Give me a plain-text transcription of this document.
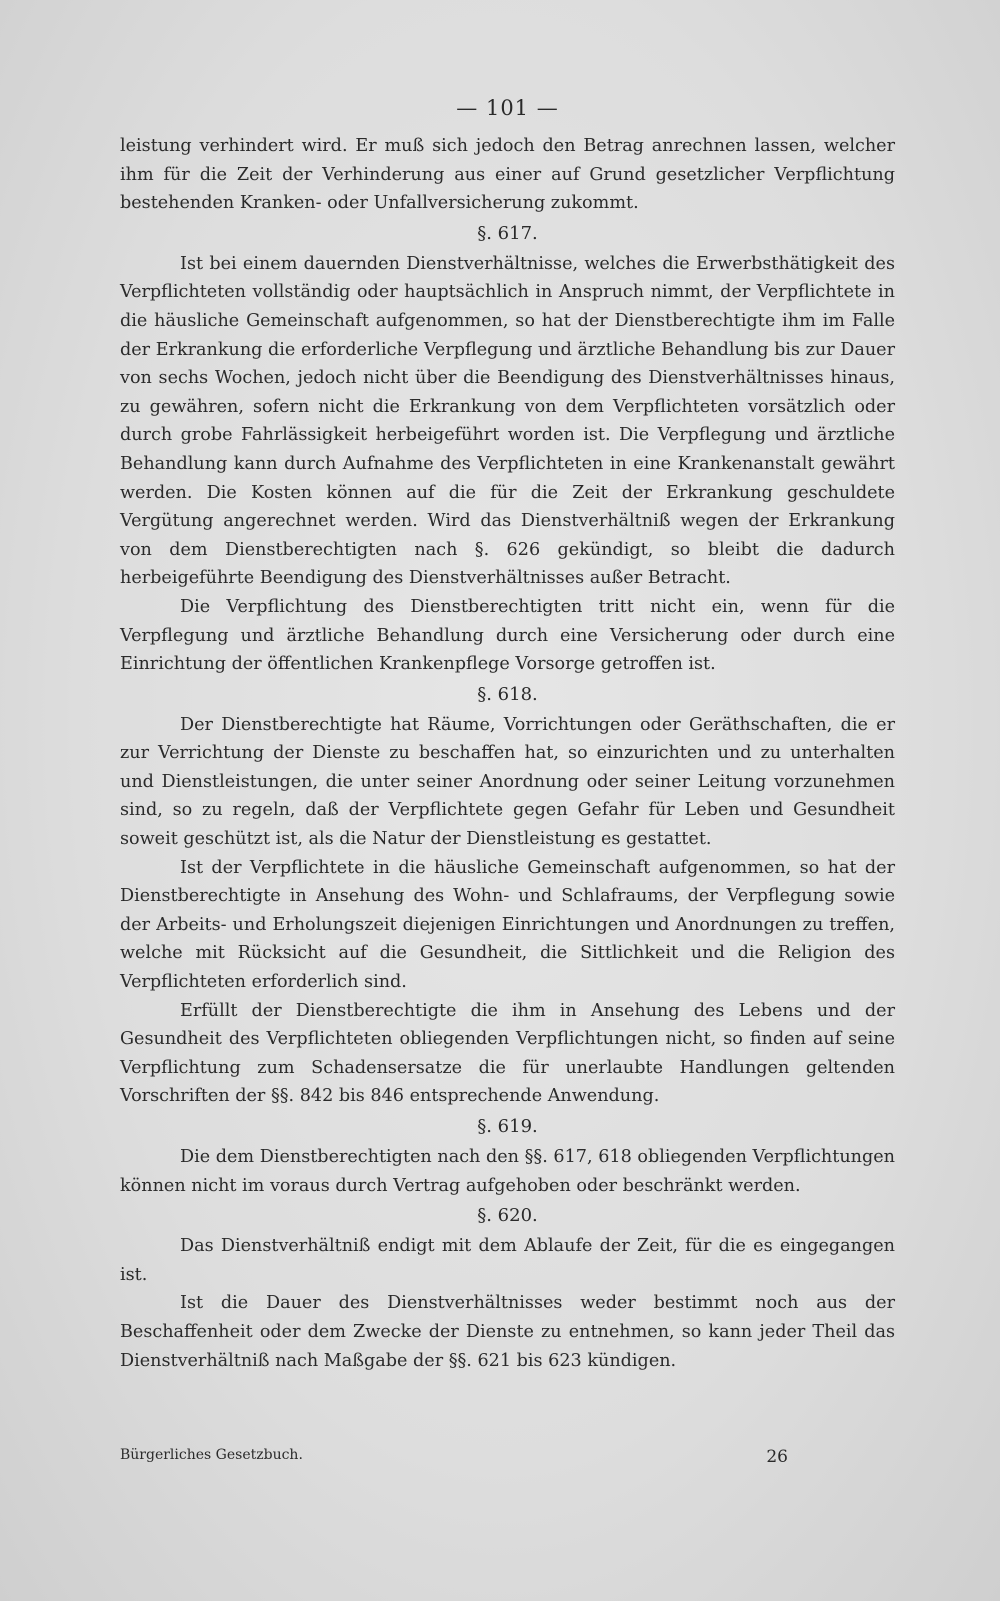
— 101 —

leistung verhindert wird. Er muß sich jedoch den Betrag anrechnen lassen, welcher ihm für die Zeit der Verhinderung aus einer auf Grund gesetzlicher Verpflichtung bestehenden Kranken- oder Unfallversicherung zukommt.

§. 617.

Ist bei einem dauernden Dienstverhältnisse, welches die Erwerbsthätigkeit des Verpflichteten vollständig oder hauptsächlich in Anspruch nimmt, der Verpflichtete in die häusliche Gemeinschaft aufgenommen, so hat der Dienstberechtigte ihm im Falle der Erkrankung die erforderliche Verpflegung und ärztliche Behandlung bis zur Dauer von sechs Wochen, jedoch nicht über die Beendigung des Dienstverhältnisses hinaus, zu gewähren, sofern nicht die Erkrankung von dem Verpflichteten vorsätzlich oder durch grobe Fahrlässigkeit herbeigeführt worden ist. Die Verpflegung und ärztliche Behandlung kann durch Aufnahme des Verpflichteten in eine Krankenanstalt gewährt werden. Die Kosten können auf die für die Zeit der Erkrankung geschuldete Vergütung angerechnet werden. Wird das Dienstverhältniß wegen der Erkrankung von dem Dienstberechtigten nach §. 626 gekündigt, so bleibt die dadurch herbeigeführte Beendigung des Dienstverhältnisses außer Betracht.

Die Verpflichtung des Dienstberechtigten tritt nicht ein, wenn für die Verpflegung und ärztliche Behandlung durch eine Versicherung oder durch eine Einrichtung der öffentlichen Krankenpflege Vorsorge getroffen ist.

§. 618.

Der Dienstberechtigte hat Räume, Vorrichtungen oder Geräthschaften, die er zur Verrichtung der Dienste zu beschaffen hat, so einzurichten und zu unterhalten und Dienstleistungen, die unter seiner Anordnung oder seiner Leitung vorzunehmen sind, so zu regeln, daß der Verpflichtete gegen Gefahr für Leben und Gesundheit soweit geschützt ist, als die Natur der Dienstleistung es gestattet.

Ist der Verpflichtete in die häusliche Gemeinschaft aufgenommen, so hat der Dienstberechtigte in Ansehung des Wohn- und Schlafraums, der Verpflegung sowie der Arbeits- und Erholungszeit diejenigen Einrichtungen und Anordnungen zu treffen, welche mit Rücksicht auf die Gesundheit, die Sittlichkeit und die Religion des Verpflichteten erforderlich sind.

Erfüllt der Dienstberechtigte die ihm in Ansehung des Lebens und der Gesundheit des Verpflichteten obliegenden Verpflichtungen nicht, so finden auf seine Verpflichtung zum Schadensersatze die für unerlaubte Handlungen geltenden Vorschriften der §§. 842 bis 846 entsprechende Anwendung.

§. 619.

Die dem Dienstberechtigten nach den §§. 617, 618 obliegenden Verpflichtungen können nicht im voraus durch Vertrag aufgehoben oder beschränkt werden.

§. 620.

Das Dienstverhältniß endigt mit dem Ablaufe der Zeit, für die es eingegangen ist.

Ist die Dauer des Dienstverhältnisses weder bestimmt noch aus der Beschaffenheit oder dem Zwecke der Dienste zu entnehmen, so kann jeder Theil das Dienstverhältniß nach Maßgabe der §§. 621 bis 623 kündigen.

Bürgerliches Gesetzbuch.	26
